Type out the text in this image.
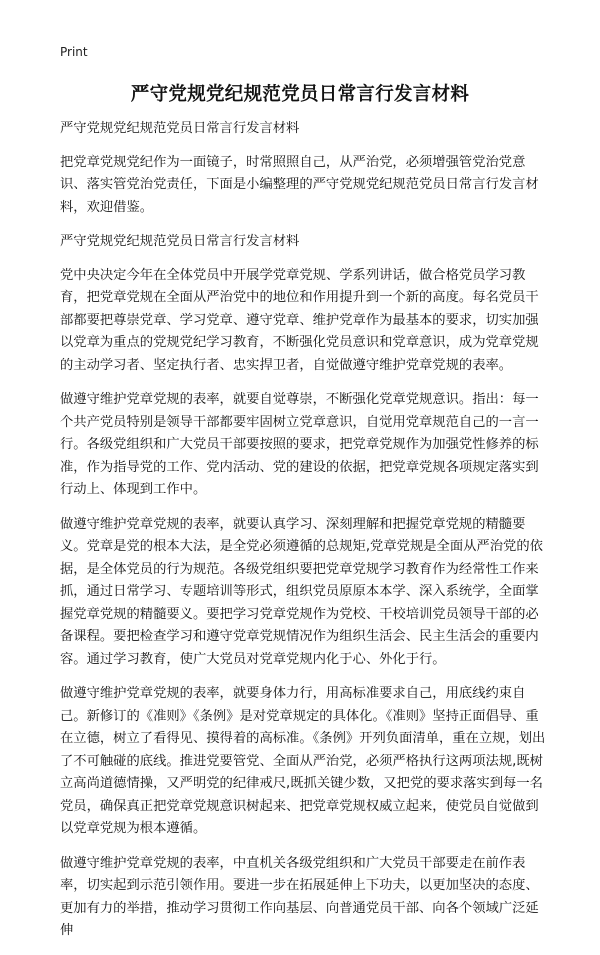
Print
严守党规党纪规范党员日常言行发言材料

严守党规党纪规范党员日常言行发言材料

把党章党规党纪作为一面镜子，时常照照自己，从严治党，必须增强管党治党意识、落实管党治党责任，下面是小编整理的严守党规党纪规范党员日常言行发言材料，欢迎借鉴。

严守党规党纪规范党员日常言行发言材料

党中央决定今年在全体党员中开展学党章党规、学系列讲话，做合格党员学习教育，把党章党规在全面从严治党中的地位和作用提升到一个新的高度。每名党员干部都要把尊崇党章、学习党章、遵守党章、维护党章作为最基本的要求，切实加强以党章为重点的党规党纪学习教育，不断强化党员意识和党章意识，成为党章党规的主动学习者、坚定执行者、忠实捍卫者，自觉做遵守维护党章党规的表率。

做遵守维护党章党规的表率，就要自觉尊崇，不断强化党章党规意识。指出：每一个共产党员特别是领导干部都要牢固树立党章意识，自觉用党章规范自己的一言一行。各级党组织和广大党员干部要按照的要求，把党章党规作为加强党性修养的标准，作为指导党的工作、党内活动、党的建设的依据，把党章党规各项规定落实到行动上、体现到工作中。

做遵守维护党章党规的表率，就要认真学习、深刻理解和把握党章党规的精髓要义。党章是党的根本大法，是全党必须遵循的总规矩,党章党规是全面从严治党的依据，是全体党员的行为规范。各级党组织要把党章党规学习教育作为经常性工作来抓，通过日常学习、专题培训等形式，组织党员原原本本学、深入系统学，全面掌握党章党规的精髓要义。要把学习党章党规作为党校、干校培训党员领导干部的必备课程。要把检查学习和遵守党章党规情况作为组织生活会、民主生活会的重要内容。通过学习教育，使广大党员对党章党规内化于心、外化于行。

做遵守维护党章党规的表率，就要身体力行，用高标准要求自己，用底线约束自己。新修订的《准则》《条例》是对党章规定的具体化。《准则》坚持正面倡导、重在立德，树立了看得见、摸得着的高标准。《条例》开列负面清单，重在立规，划出了不可触碰的底线。推进党要管党、全面从严治党，必须严格执行这两项法规,既树立高尚道德情操，又严明党的纪律戒尺,既抓关键少数，又把党的要求落实到每一名党员，确保真正把党章党规意识树起来、把党章党规权威立起来，使党员自觉做到以党章党规为根本遵循。

做遵守维护党章党规的表率，中直机关各级党组织和广大党员干部要走在前作表率，切实起到示范引领作用。要进一步在拓展延伸上下功夫，以更加坚决的态度、更加有力的举措，推动学习贯彻工作向基层、向普通党员干部、向各个领域广泛延伸
